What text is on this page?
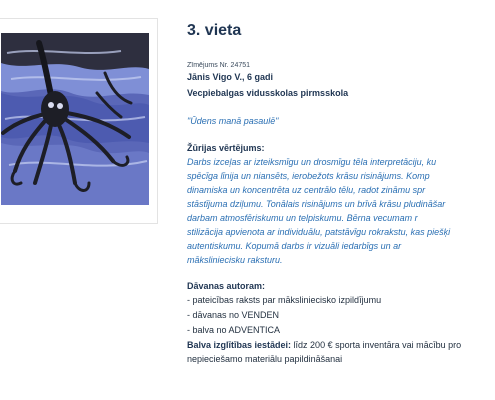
3. vieta
Zīmējums Nr. 24751
Jānis Vigo V., 6 gadi
Vecpiebalgas vidusskolas pirmsskola
"Ūdens manā pasaulē"
Žūrijas vērtējums:
Darbs izceļas ar izteiksmīgu un drosmīgu tēla interpretāciju, ku
spēcīga līnija un niansēts, ierobežots krāsu risinājums. Komp
dinamiska un koncentrēta uz centrālo tēlu, radot zināmu spr
stāstījuma dziļumu. Tonālais risinājums un brīvā krāsu pludināšar
darbam atmosfēriskumu un telpiskumu. Bērna vecumam r
stilizācija apvienota ar individuālu, patstāvīgu rokrakstu, kas piešķi
autentiskumu. Kopumā darbs ir vizuāli iedarbīgs un ar
māksliniecisku raksturu.
Dāvanas autoram:
- pateicības raksts par māksliniecisko izpildījumu
- dāvanas no VENDEN
- balva no ADVENTICA
Balva izglītības iestādei: līdz 200 € sporta inventāra vai mācību pro
nepieciešamo materiālu papildināšanai
